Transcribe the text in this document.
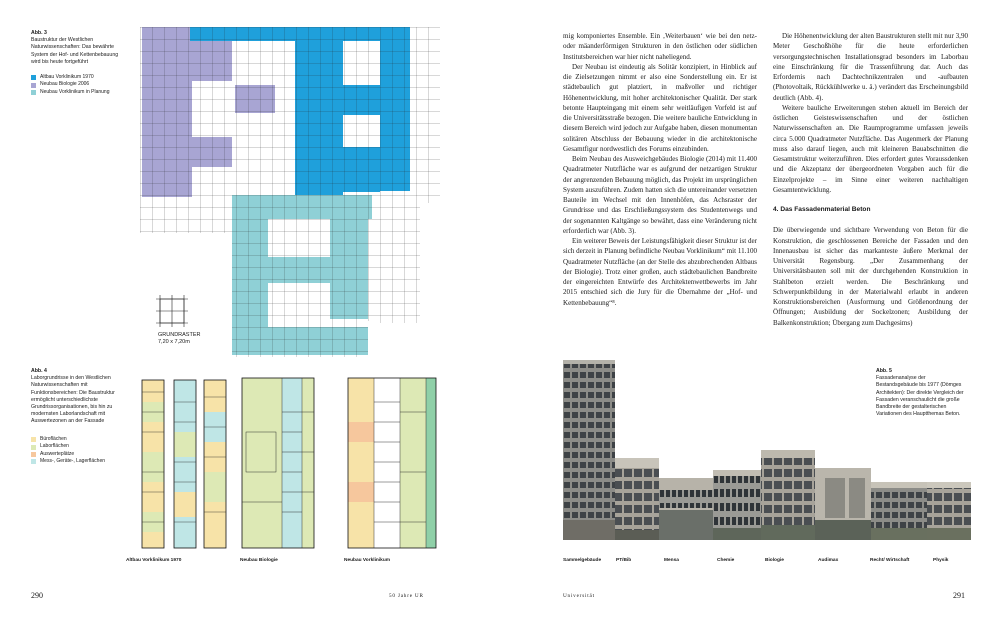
Abb. 3
Baustruktur der Westlichen Naturwissenschaften: Das bewährte System der Hof- und Kettenbebauung wird bis heute fortgeführt
Altbau Vorklinikum 1970
Neubau Biologie 2006
Neubau Vorklinikum in Planung
GRUNDRASTER
7,20 x 7,20m
Abb. 4
Laborgrundrisse in den Westlichen Naturwissenschaften mit Funktionsbereichen: Die Baustruktur ermöglicht unterschiedlichste Grundrissorganisationen, bis hin zu modernsten Laborlandschaft mit Auswertezonen an der Fassade
Büroflächen
Laborflächen
Auswerteplätze
Mess-, Geräte-, Lagerflächen
Altbau Vorklinikum 1970	Neubau Biologie	Neubau Vorklinikum
290	50 Jahre UR

mig komponiertes Ensemble. Ein ‚Weiterbauen‘ wie bei den netz- oder mäanderförmigen Strukturen in den östlichen oder südlichen Institutsbereichen war hier nicht naheliegend.

Der Neubau ist eindeutig als Solitär konzipiert, in Hinblick auf die Zielsetzungen nimmt er also eine Sonderstellung ein. Er ist städtebaulich gut platziert, in maßvoller und richtiger Höhenentwicklung, mit hoher architektonischer Qualität. Der stark betonte Haupteingang mit einem sehr weitläufigen Vorfeld ist auf die Universitätsstraße bezogen. Die weitere bauliche Entwicklung in diesem Bereich wird jedoch zur Aufgabe haben, diesen monumentan solitären Abschluss der Bebauung wieder in die architektonische Gesamtfigur nordwestlich des Forums einzubinden.

Beim Neubau des Ausweichgebäudes Biologie (2014) mit 11.400 Quadratmeter Nutzfläche war es aufgrund der netzartigen Struktur der angrenzenden Bebauung möglich, das Projekt im ursprünglichen System auszuführen. Zudem hatten sich die untereinander versetzten Bauteile im Wechsel mit den Innenhöfen, das Achsraster der Grundrisse und das Erschließungssystem des Studentenwegs und der sogenannten Kaltgänge so bewährt, dass eine Veränderung nicht erforderlich war (Abb. 3).

Ein weiterer Beweis der Leistungsfähigkeit dieser Struktur ist der sich derzeit in Planung befindliche Neubau Vorklinikum“ mit 11.100 Quadratmeter Nutzfläche (an der Stelle des abzubrechenden Altbaus der Biologie). Trotz einer großen, auch städtebaulichen Bandbreite der eingereichten Entwürfe des Architektenwettbewerbs im Jahr 2015 entschied sich die Jury für die Übernahme der „Hof- und Kettenbebauung“⁸.

Die Höhenentwicklung der alten Baustrukturen stellt mit nur 3,90 Meter Geschoßhöhe für die heute erforderlichen versorgungstechnischen Installationsgrad besonders im Laborbau eine Einschränkung für die Trassenführung dar. Auch das Erfordernis nach Dachtechnikzentralen und -aufbauten (Photovoltaik, Rückkühlwerke u. ä.) verändert das Erscheinungsbild deutlich (Abb. 4).

Weitere bauliche Erweiterungen stehen aktuell im Bereich der östlichen Geisteswissenschaften und der östlichen Naturwissenschaften an. Die Raumprogramme umfassen jeweils circa 5.000 Quadratmeter Nutzfläche. Das Augenmerk der Planung muss also darauf liegen, auch mit kleineren Bauabschnitten die Gesamtstruktur weiterzuführen. Dies erfordert gutes Voraussdenken und die Akzeptanz der übergeordneten Vorgaben auch für die Einzelprojekte – im Sinne einer weiteren nachhaltigen Gesamtentwicklung.

4. Das Fassadenmaterial Beton

Die überwiegende und sichtbare Verwendung von Beton für die Konstruktion, die geschlossenen Bereiche der Fassaden und den Innenausbau ist sicher das markanteste äußere Merkmal der Universität Regensburg. „Der Zusammenhang der Universitätsbauten soll mit der durchgehenden Konstruktion in Stahlbeton erzielt werden. Die Beschränkung und Schwerpunktbildung in der Materialwahl erlaubt in anderen Konstruktionsbereichen (Ausformung und Größenordnung der Öffnungen; Ausbildung der Sockelzonen; Ausbildung der Balkenkonstruktion; Übergang zum Dachgesims)

Abb. 5
Fassadenanalyse der Bestandsgebäude bis 1977 (Dömges Architekten): Der direkte Vergleich der Fassaden veranschaulicht die große Bandbreite der gestalterischen Variationen des Hauptthemas Beton.
Sammelgebäude	PT/Bib	Mensa	Chemie	Biologie	Audimax	Recht/ Wirtschaft	Physik
Universität	291
